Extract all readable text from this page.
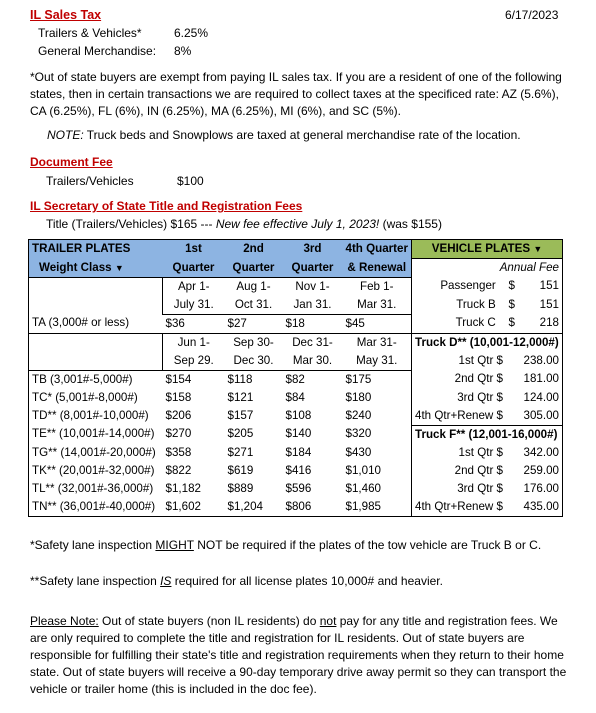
IL Sales Tax	6/17/2023
Trailers & Vehicles*	6.25%
General Merchandise: 8%
*Out of state buyers are exempt from paying IL sales tax. If you are a resident of one of the following states, then in certain transactions we are required to collect taxes at the specificed rate: AZ (5.6%), CA (6.25%), FL (6%), IN (6.25%), MA (6.25%), MI (6%), and SC (5%).
NOTE: Truck beds and Snowplows are taxed at general merchandise rate of the location.
Document Fee
Trailers/Vehicles	$100
IL Secretary of State Title and Registration Fees
Title (Trailers/Vehicles) $165 --- New fee effective July 1, 2023! (was $155)
TRAILER PLATES	1st	2nd	3rd	4th Quarter	VEHICLE PLATES ▼
Weight Class ▼	Quarter	Quarter	Quarter	& Renewal	Annual Fee
	Apr 1-	Aug 1-	Nov 1-	Feb 1-	Passenger $ 151
	July 31.	Oct 31.	Jan 31.	Mar 31.	Truck B $ 151
TA (3,000# or less)	$36	$27	$18	$45	Truck C $ 218
	Jun 1-	Sep 30-	Dec 31-	Mar 31-	Truck D** (10,001-12,000#)
	Sep 29.	Dec 30.	Mar 30.	May 31.	1st Qtr $ 238.00
TB (3,001#-5,000#)	$154	$118	$82	$175	2nd Qtr $ 181.00
TC* (5,001#-8,000#)	$158	$121	$84	$180	3rd Qtr $ 124.00
TD** (8,001#-10,000#)	$206	$157	$108	$240	4th Qtr+Renew $ 305.00
TE** (10,001#-14,000#)	$270	$205	$140	$320	Truck F** (12,001-16,000#)
TG** (14,001#-20,000#)	$358	$271	$184	$430	1st Qtr $ 342.00
TK** (20,001#-32,000#)	$822	$619	$416	$1,010	2nd Qtr $ 259.00
TL** (32,001#-36,000#)	$1,182	$889	$596	$1,460	3rd Qtr $ 176.00
TN** (36,001#-40,000#)	$1,602	$1,204	$806	$1,985	4th Qtr+Renew $ 435.00
*Safety lane inspection MIGHT NOT be required if the plates of the tow vehicle are Truck B or C.
**Safety lane inspection IS required for all license plates 10,000# and heavier.
Please Note: Out of state buyers (non IL residents) do not pay for any title and registration fees. We are only required to complete the title and registration for IL residents. Out of state buyers are responsible for fulfilling their state's title and registration requirements when they return to their home state. Out of state buyers will receive a 90-day temporary drive away permit so they can transport the vehicle or trailer home (this is included in the doc fee).
